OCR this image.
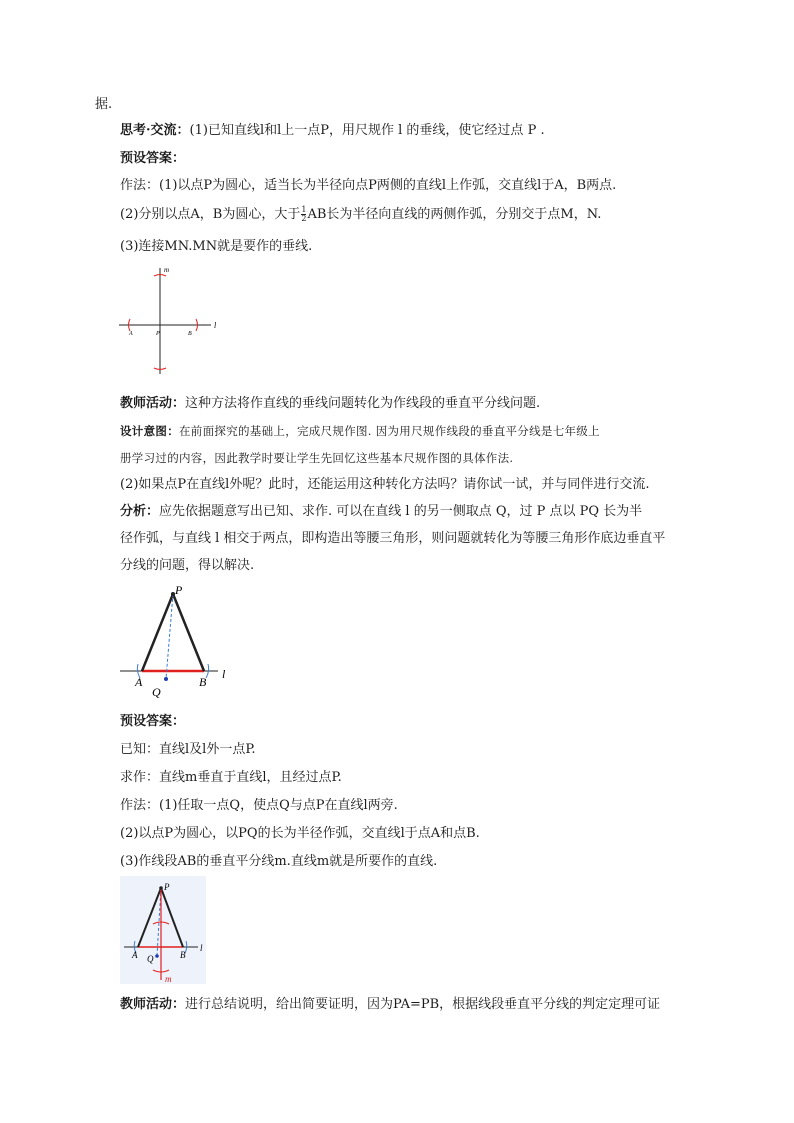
据.
思考·交流：(1)已知直线l和l上一点P，用尺规作 l 的垂线，使它经过点 P .
预设答案：
作法：(1)以点P为圆心，适当长为半径向点P两侧的直线l上作弧，交直线l于A，B两点.
(2)分别以点A，B为圆心，大于 $\frac{1}{2}$ AB长为半径向直线的两侧作弧，分别交于点M，N.
(3)连接MN.MN就是要作的垂线.
m
l
A	P	B
教师活动：这种方法将作直线的垂线问题转化为作线段的垂直平分线问题.
设计意图：在前面探究的基础上，完成尺规作图. 因为用尺规作线段的垂直平分线是七年级上
册学习过的内容，因此教学时要让学生先回忆这些基本尺规作图的具体作法.
(2)如果点P在直线l外呢？此时，还能运用这种转化方法吗？请你试一试，并与同伴进行交流.
分析：应先依据题意写出已知、求作. 可以在直线 l 的另一侧取点 Q，过 P 点以 PQ 长为半
径作弧，与直线 l 相交于两点，即构造出等腰三角形，则问题就转化为等腰三角形作底边垂直平
分线的问题，得以解决.
P
A
Q
B
l
预设答案：
已知：直线l及l外一点P.
求作：直线m垂直于直线l，且经过点P.
作法：(1)任取一点Q，使点Q与点P在直线l两旁.
(2)以点P为圆心，以PQ的长为半径作弧，交直线l于点A和点B.
(3)作线段AB的垂直平分线m.直线m就是所要作的直线.
P
A Q	B
l
m
教师活动：进行总结说明，给出简要证明，因为PA=PB，根据线段垂直平分线的判定定理可证
